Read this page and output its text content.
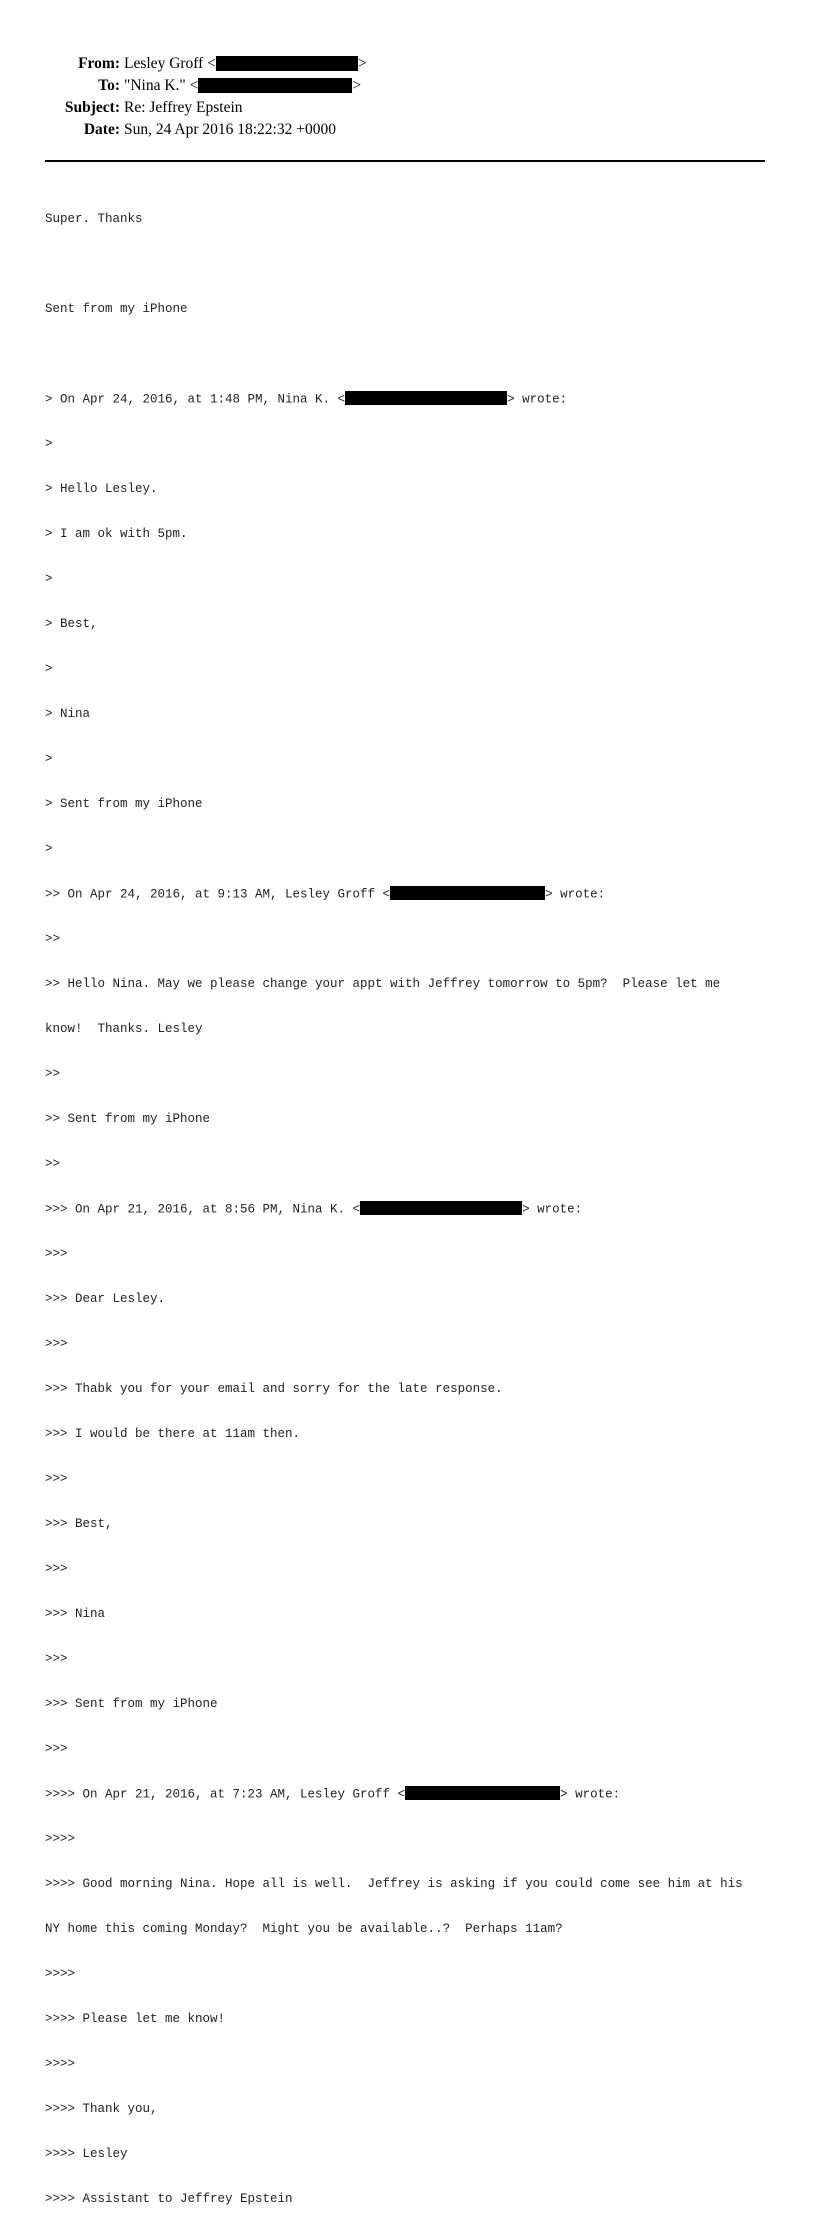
From: Lesley Groff <	>
To: "Nina K." <	>
Subject: Re: Jeffrey Epstein
Date: Sun, 24 Apr 2016 18:22:32 +0000

Super. Thanks

Sent from my iPhone

> On Apr 24, 2016, at 1:48 PM, Nina K. <	> wrote:

>

> Hello Lesley.

> I am ok with 5pm.

>

> Best,

>

> Nina

>

> Sent from my iPhone

>

>> On Apr 24, 2016, at 9:13 AM, Lesley Groff <	> wrote:

>>

>> Hello Nina. May we please change your appt with Jeffrey tomorrow to 5pm?  Please let me

know!  Thanks. Lesley

>>

>> Sent from my iPhone

>>

>>> On Apr 21, 2016, at 8:56 PM, Nina K. <	> wrote:

>>>

>>> Dear Lesley.

>>>

>>> Thabk you for your email and sorry for the late response.

>>> I would be there at 11am then.

>>>

>>> Best,

>>>

>>> Nina

>>>

>>> Sent from my iPhone

>>>

>>>> On Apr 21, 2016, at 7:23 AM, Lesley Groff <	> wrote:

>>>>

>>>> Good morning Nina. Hope all is well.  Jeffrey is asking if you could come see him at his

NY home this coming Monday?  Might you be available..?  Perhaps 11am?

>>>>

>>>> Please let me know!

>>>>

>>>> Thank you,

>>>> Lesley

>>>> Assistant to Jeffrey Epstein
